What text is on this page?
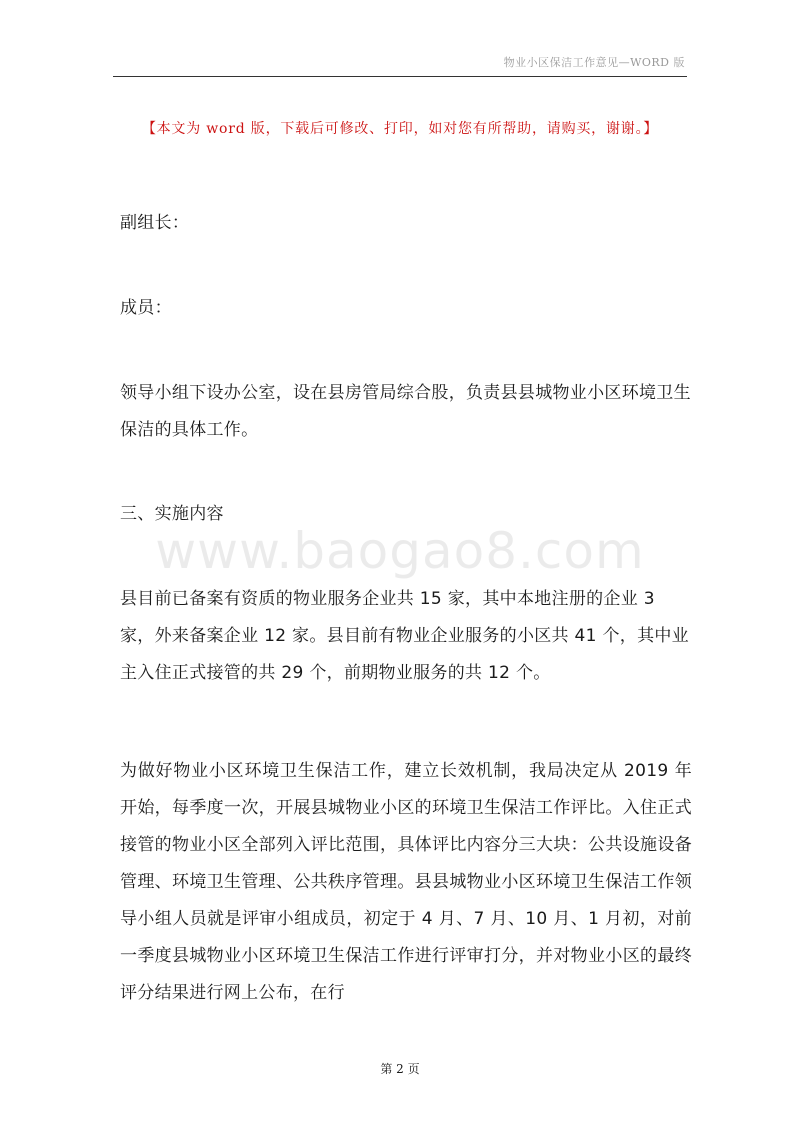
物业小区保洁工作意见—WORD 版
【本文为 word 版，下载后可修改、打印，如对您有所帮助，请购买，谢谢。】
副组长：
成员：
领导小组下设办公室，设在县房管局综合股，负责县县城物业小区环境卫生保洁的具体工作。
三、实施内容
www.baogao8.com
县目前已备案有资质的物业服务企业共 15 家，其中本地注册的企业 3 家，外来备案企业 12 家。县目前有物业企业服务的小区共 41 个，其中业主入住正式接管的共 29 个，前期物业服务的共 12 个。
为做好物业小区环境卫生保洁工作，建立长效机制，我局决定从 2019 年开始，每季度一次，开展县城物业小区的环境卫生保洁工作评比。入住正式接管的物业小区全部列入评比范围，具体评比内容分三大块：公共设施设备管理、环境卫生管理、公共秩序管理。县县城物业小区环境卫生保洁工作领导小组人员就是评审小组成员，初定于 4 月、7 月、10 月、1 月初，对前一季度县城物业小区环境卫生保洁工作进行评审打分，并对物业小区的最终评分结果进行网上公布，在行
第 2 页
